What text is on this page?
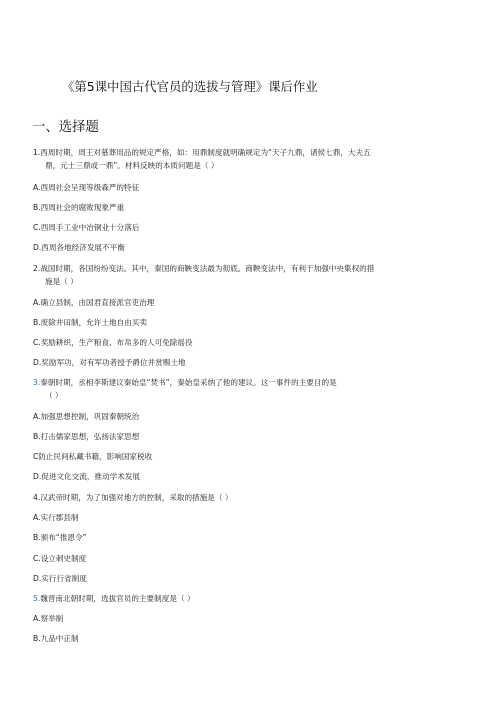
《第5课中国古代官员的选拔与管理》课后作业
一、选择题
1.西周时期，周王对墓葬用品的规定严格，如：用鼎制度就明确规定为“天子九鼎，诸侯七鼎，大夫五
鼎，元士三鼎或一鼎”。材料反映的本质问题是（ ）
A.西周社会呈现等级森严的特征
B.西周社会的腐败现象严重
C.西周手工业中冶铜业十分落后
D.西周各地经济发展不平衡
2.战国时期，各国纷纷变法。其中，秦国的商鞅变法最为彻底。商鞅变法中，有利于加强中央集权的措
施是（ ）
A.确立县制，由国君直接派官吏治理
B.废除井田制，允许土地自由买卖
C.奖励耕织，生产粮食、布帛多的人可免除徭役
D.奖励军功，对有军功者授予爵位并赏赐土地
3.秦朝时期，丞相李斯建议秦始皇“焚书”，秦始皇采纳了他的建议。这一事件的主要目的是
（ ）
A.加强思想控制，巩固秦朝统治
B.打击儒家思想，弘扬法家思想
C防止民间私藏书籍，影响国家税收
D.促进文化交流，推动学术发展
4.汉武帝时期，为了加强对地方的控制，采取的措施是（ ）
A.实行郡县制
B.颁布“推恩令”
C.设立刺史制度
D.实行行省制度
5.魏晋南北朝时期，选拔官员的主要制度是（ ）
A.察举制
B.九品中正制
